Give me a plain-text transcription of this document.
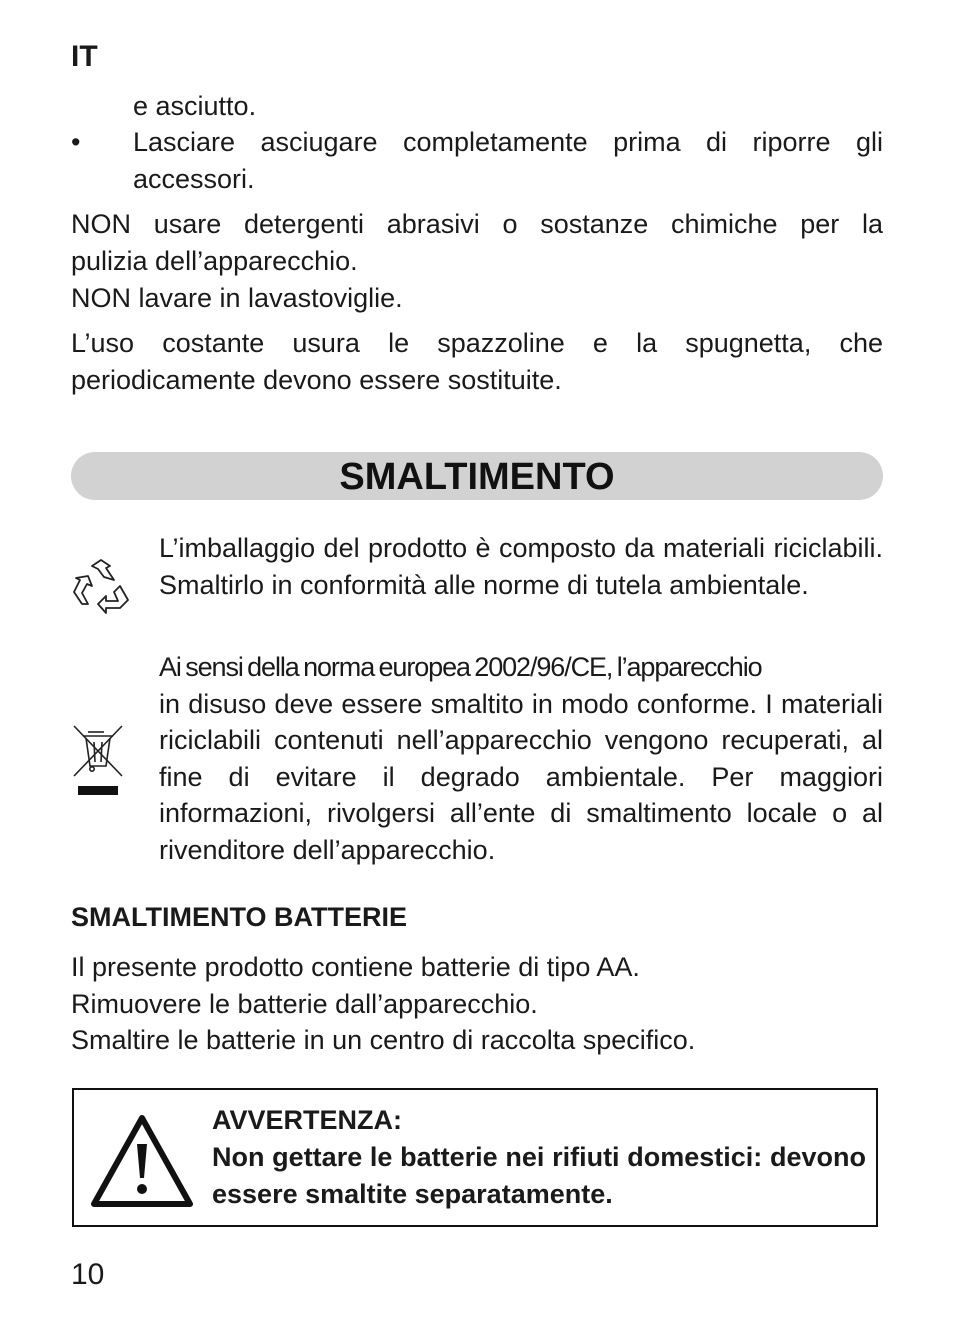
IT
e asciutto.
• Lasciare asciugare completamente prima di riporre gli accessori.
NON usare detergenti abrasivi o sostanze chimiche per la
pulizia dell’apparecchio.
NON lavare in lavastoviglie.
L’uso costante usura le spazzoline e la spugnetta, che periodicamente devono essere sostituite.
SMALTIMENTO
L’imballaggio del prodotto è composto da materiali riciclabili. Smaltirlo in conformità alle norme di tutela ambientale.
Ai sensi della norma europea 2002/96/CE, l’apparecchio
in disuso deve essere smaltito in modo conforme. I materiali riciclabili contenuti nell’apparecchio vengono recuperati, al fine di evitare il degrado ambientale. Per maggiori informazioni, rivolgersi all’ente di smaltimento locale o al rivenditore dell’apparecchio.
SMALTIMENTO BATTERIE
Il presente prodotto contiene batterie di tipo AA.
Rimuovere le batterie dall’apparecchio.
Smaltire le batterie in un centro di raccolta specifico.
AVVERTENZA:
Non gettare le batterie nei rifiuti domestici: devono essere smaltite separatamente.
10
